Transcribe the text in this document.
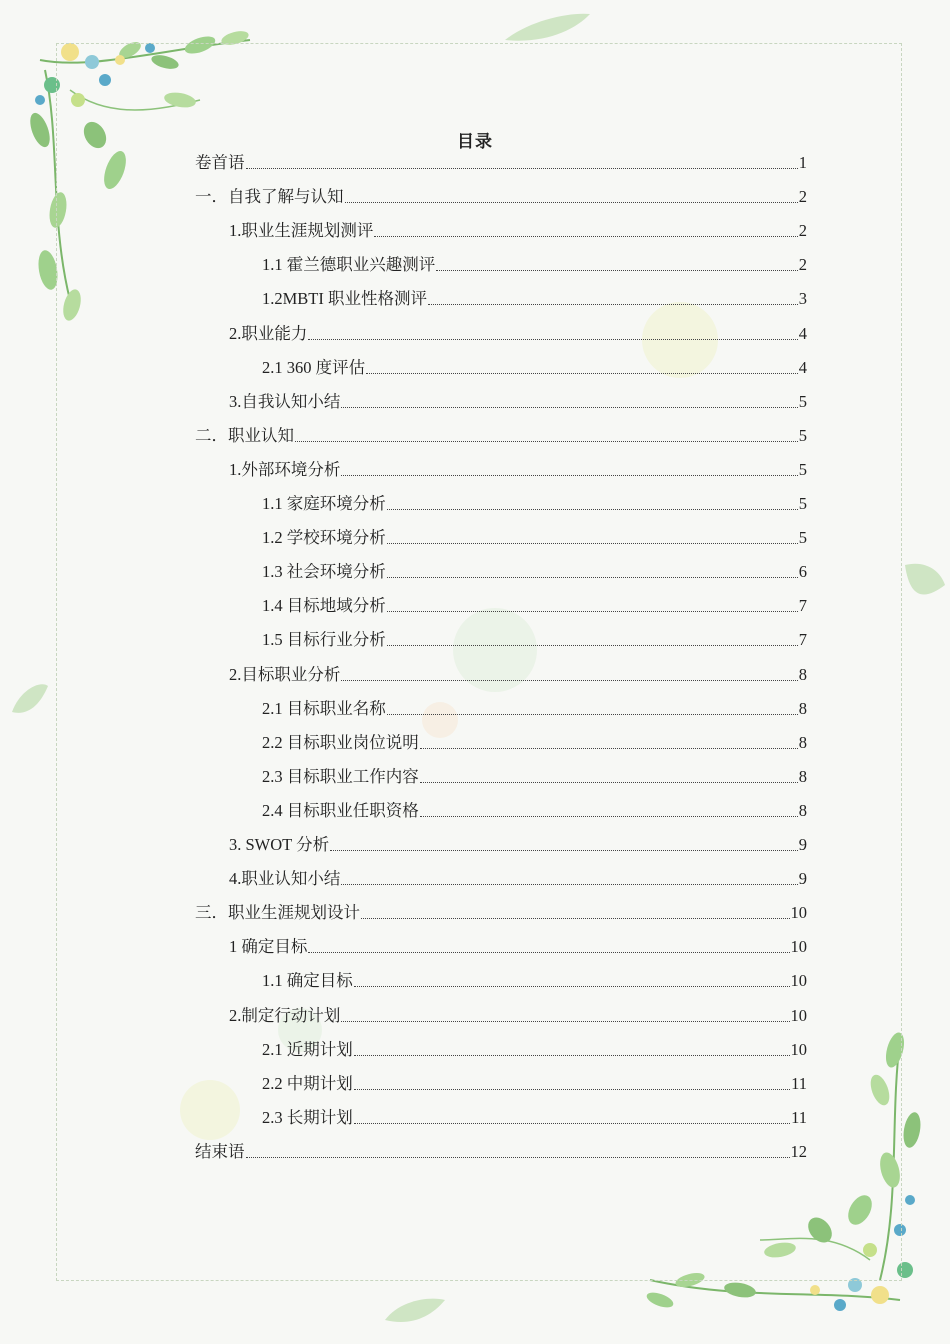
目录
卷首语	1
一．自我了解与认知	2
1.职业生涯规划测评	2
1.1 霍兰德职业兴趣测评	2
1.2MBTI 职业性格测评	3
2.职业能力	4
2.1 360 度评估	4
3.自我认知小结	5
二．职业认知	5
1.外部环境分析	5
1.1 家庭环境分析	5
1.2 学校环境分析	5
1.3 社会环境分析	6
1.4 目标地域分析	7
1.5 目标行业分析	7
2.目标职业分析	8
2.1 目标职业名称	8
2.2 目标职业岗位说明	8
2.3 目标职业工作内容	8
2.4 目标职业任职资格	8
3. SWOT 分析	9
4.职业认知小结	9
三．职业生涯规划设计	10
1 确定目标	10
1.1 确定目标	10
2.制定行动计划	10
2.1 近期计划	10
2.2 中期计划	11
2.3 长期计划	11
结束语	12
